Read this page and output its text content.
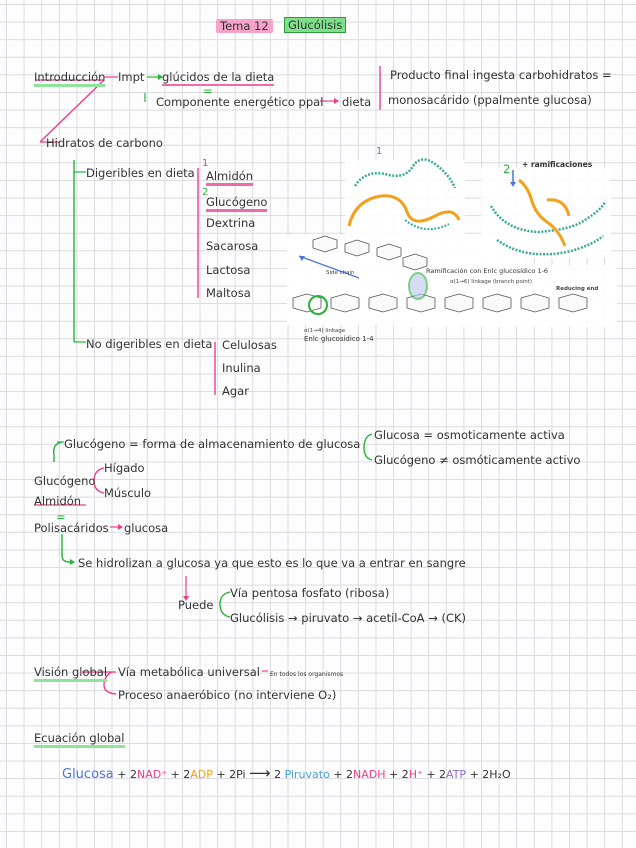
Tema 12	Glucólisis
Introducción Impt glúcidos de la dieta
=
Componente energético ppal dieta
Producto final ingesta carbohidratos =
monosacárido (ppalmente glucosa)
Hidratos de carbono
Digeribles en dieta
1
Almidón
2
Glucógeno
Dextrina
Sacarosa
Lactosa
Maltosa
No digeribles en dieta Celulosas
Inulina
Agar
1
2 + ramificaciones
Side chain	Ramificación con Enlc glucosídico 1-6
α(1→6) linkage (branch point)
Reducing end
α(1→4) linkage
Enlc glucosídico 1-4
Glucógeno = forma de almacenamiento de glucosa
Glucosa = osmoticamente activa
Glucógeno ≠ osmóticamente activo
Glucógeno
Hígado
Músculo
Almidón
=
Polisacáridos glucosa
Se hidrolizan a glucosa ya que esto es lo que va a entrar en sangre
Puede
Vía pentosa fosfato (ribosa)
Glucólisis → piruvato → acetil-CoA → (CK)
Visión global Vía metabólica universal En todos los organismos
Proceso anaeróbico (no interviene O₂)
Ecuación global
Glucosa + 2NAD⁺ + 2ADP + 2Pi ⟶ 2 Piruvato + 2NADH + 2H⁺ + 2ATP + 2H₂O
